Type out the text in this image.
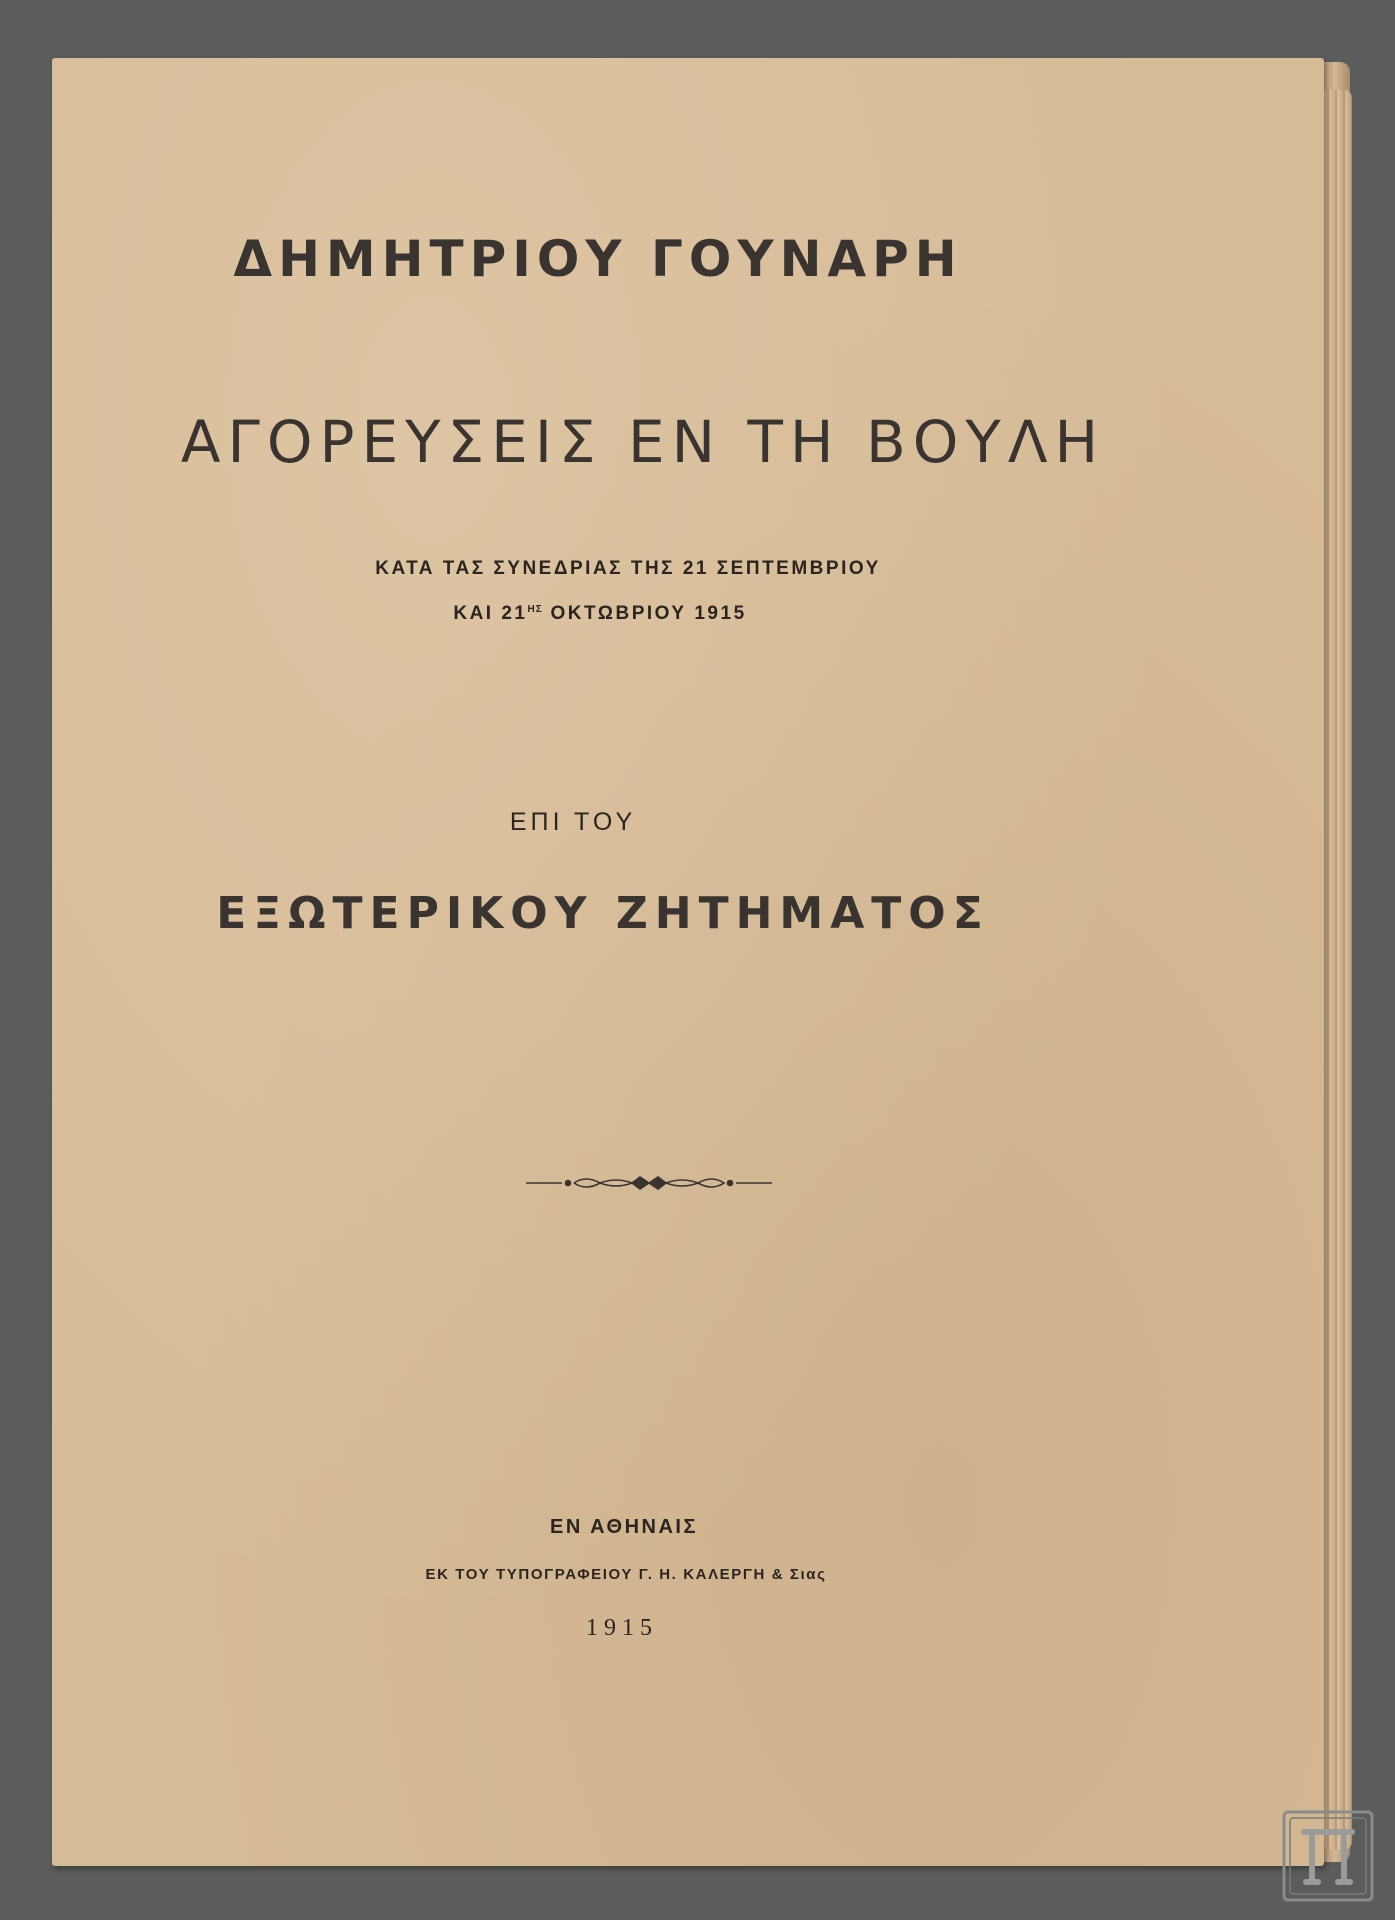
ΔΗΜΗΤΡΙΟΥ ΓΟΥΝΑΡΗ
ΑΓΟΡΕΥΣΕΙΣ ΕΝ ΤΗ ΒΟΥΛΗ
ΚΑΤΑ ΤΑΣ ΣΥΝΕΔΡΙΑΣ ΤΗΣ 21 ΣΕΠΤΕΜΒΡΙΟΥ
ΚΑΙ $21^{H\Sigma}$ ΟΚΤΩΒΡΙΟΥ 1915
ΕΠΙ ΤΟΥ
ΕΞΩΤΕΡΙΚΟΥ ΖΗΤΗΜΑΤΟΣ
ΕΝ ΑΘΗΝΑΙΣ
ΕΚ ΤΟΥ ΤΥΠΟΓΡΑΦΕΙΟΥ Γ. Η. ΚΑΛΕΡΓΗ & Σιας
1915
